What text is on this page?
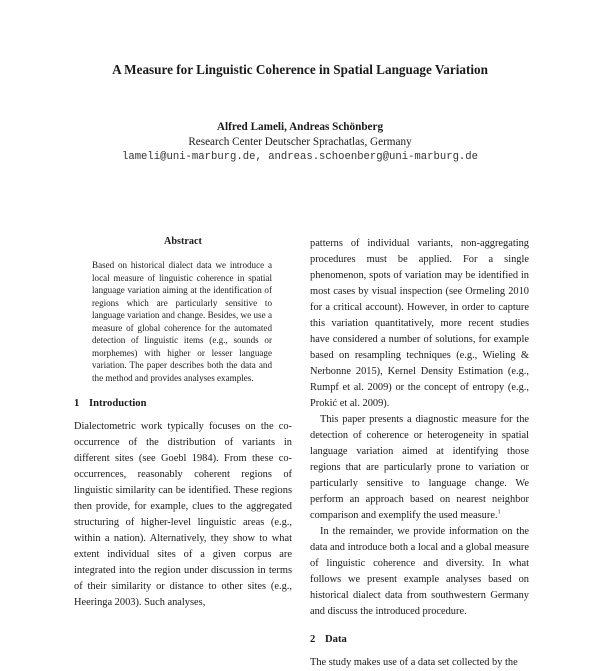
A Measure for Linguistic Coherence in Spatial Language Variation
Alfred Lameli, Andreas Schönberg
Research Center Deutscher Sprachatlas, Germany
lameli@uni-marburg.de, andreas.schoenberg@uni-marburg.de
Abstract

Based on historical dialect data we introduce a local measure of linguistic coherence in spatial language variation aiming at the identification of regions which are particularly sensitive to language variation and change. Besides, we use a measure of global coherence for the automated detection of linguistic items (e.g., sounds or morphemes) with higher or lesser language variation. The paper describes both the data and the method and provides analyses examples.

1 Introduction

Dialectometric work typically focuses on the co-occurrence of the distribution of variants in different sites (see Goebl 1984). From these co-occurrences, reasonably coherent regions of linguistic similarity can be identified. These regions then provide, for example, clues to the aggregated structuring of higher-level linguistic areas (e.g., within a nation). Alternatively, they show to what extent individual sites of a given corpus are integrated into the region under discussion in terms of their similarity or distance to other sites (e.g., Heeringa 2003). Such analyses,

patterns of individual variants, non-aggregating procedures must be applied. For a single phenomenon, spots of variation may be identified in most cases by visual inspection (see Ormeling 2010 for a critical account). However, in order to capture this variation quantitatively, more recent studies have considered a number of solutions, for example based on resampling techniques (e.g., Wieling & Nerbonne 2015), Kernel Density Estimation (e.g., Rumpf et al. 2009) or the concept of entropy (e.g., Prokić et al. 2009).

This paper presents a diagnostic measure for the detection of coherence or heterogeneity in spatial language variation aimed at identifying those regions that are particularly prone to variation or particularly sensitive to language change. We perform an approach based on nearest neighbor comparison and exemplify the used measure.$^1$

In the remainder, we provide information on the data and introduce both a local and a global measure of linguistic coherence and diversity. In what follows we present example analyses based on historical dialect data from southwestern Germany and discuss the introduced procedure.

2 Data

The study makes use of a data set collected by the
